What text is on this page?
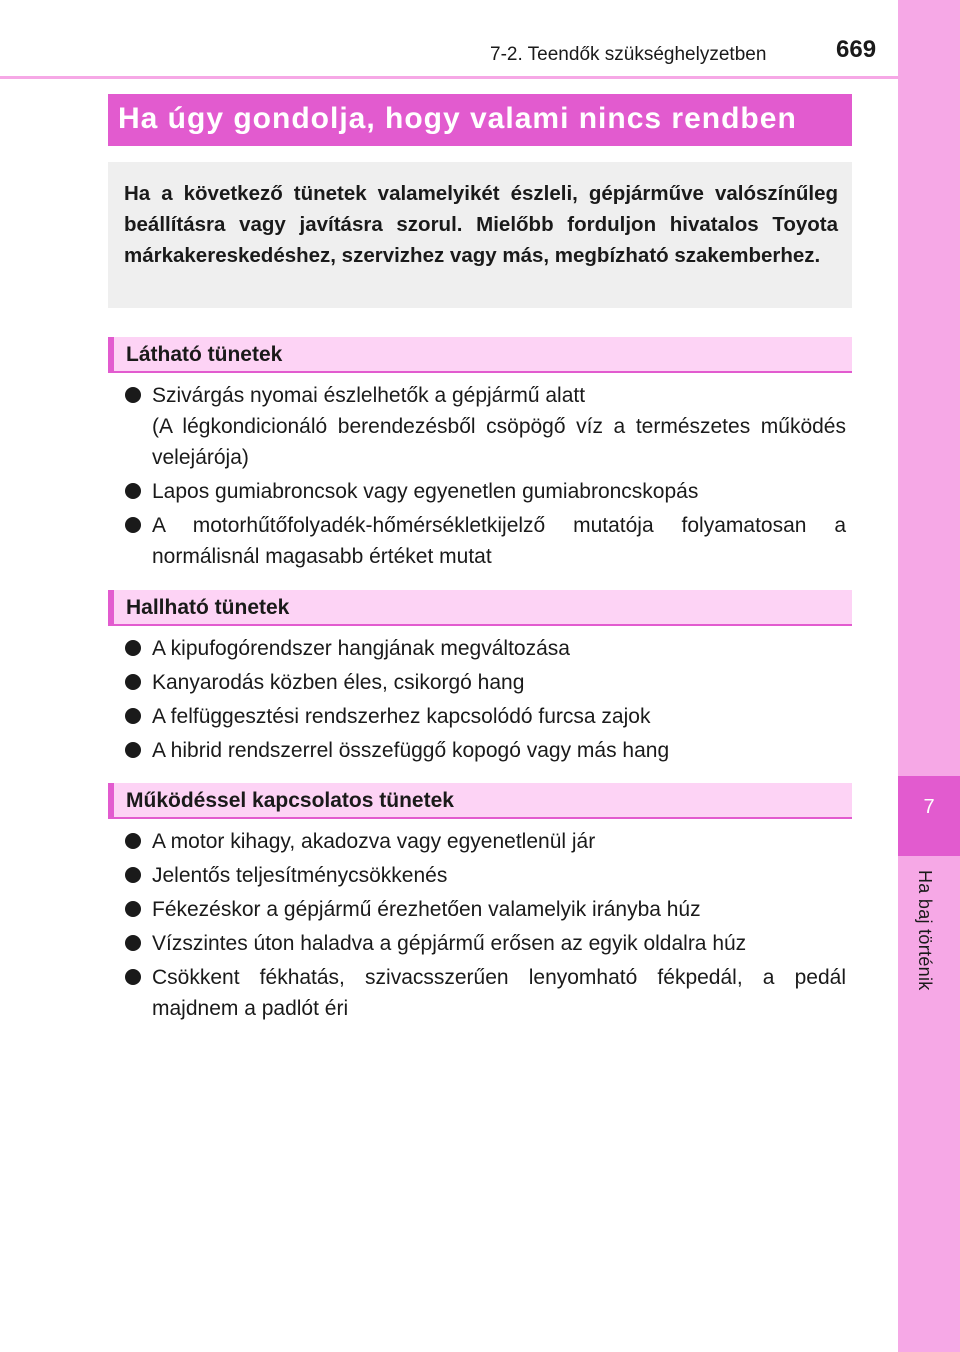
7
Ha baj történik
7-2. Teendők szükséghelyzetben	669
Ha úgy gondolja, hogy valami nincs rendben
Ha a következő tünetek valamelyikét észleli, gépjárműve valószínűleg beállításra vagy javításra szorul. Mielőbb forduljon hivatalos Toyota márkakereskedéshez, szervizhez vagy más, megbízható szakemberhez.
Látható tünetek
Szivárgás nyomai észlelhetők a gépjármű alatt
(A légkondicionáló berendezésből csöpögő víz a természetes működés velejárója)
Lapos gumiabroncsok vagy egyenetlen gumiabroncskopás
A motorhűtőfolyadék-hőmérsékletkijelző mutatója folyamatosan a normálisnál magasabb értéket mutat
Hallható tünetek
A kipufogórendszer hangjának megváltozása
Kanyarodás közben éles, csikorgó hang
A felfüggesztési rendszerhez kapcsolódó furcsa zajok
A hibrid rendszerrel összefüggő kopogó vagy más hang
Működéssel kapcsolatos tünetek
A motor kihagy, akadozva vagy egyenetlenül jár
Jelentős teljesítménycsökkenés
Fékezéskor a gépjármű érezhetően valamelyik irányba húz
Vízszintes úton haladva a gépjármű erősen az egyik oldalra húz
Csökkent fékhatás, szivacsszerűen lenyomható fékpedál, a pedál majdnem a padlót éri
